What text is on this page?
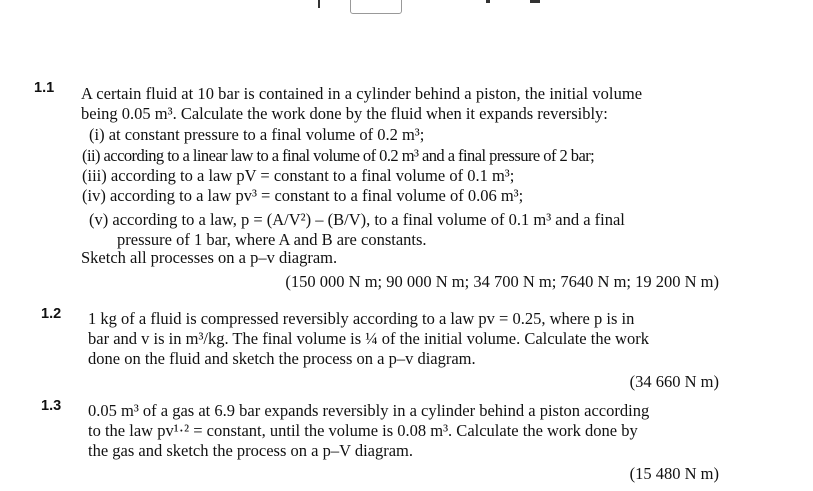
1.1 A certain fluid at 10 bar is contained in a cylinder behind a piston, the initial volume
being 0.05 m³. Calculate the work done by the fluid when it expands reversibly:
(i) at constant pressure to a final volume of 0.2 m³;
(ii) according to a linear law to a final volume of 0.2 m³ and a final pressure of 2 bar;
(iii) according to a law pV = constant to a final volume of 0.1 m³;
(iv) according to a law pv³ = constant to a final volume of 0.06 m³;
(v) according to a law, p = (A/V²) – (B/V), to a final volume of 0.1 m³ and a final
pressure of 1 bar, where A and B are constants.
Sketch all processes on a p–v diagram.
(150 000 N m; 90 000 N m; 34 700 N m; 7640 N m; 19 200 N m)
1.2 1 kg of a fluid is compressed reversibly according to a law pv = 0.25, where p is in
bar and v is in m³/kg. The final volume is ¼ of the initial volume. Calculate the work
done on the fluid and sketch the process on a p–v diagram.
(34 660 N m)
1.3 0.05 m³ of a gas at 6.9 bar expands reversibly in a cylinder behind a piston according
to the law pv¹·² = constant, until the volume is 0.08 m³. Calculate the work done by
the gas and sketch the process on a p–V diagram.
(15 480 N m)
